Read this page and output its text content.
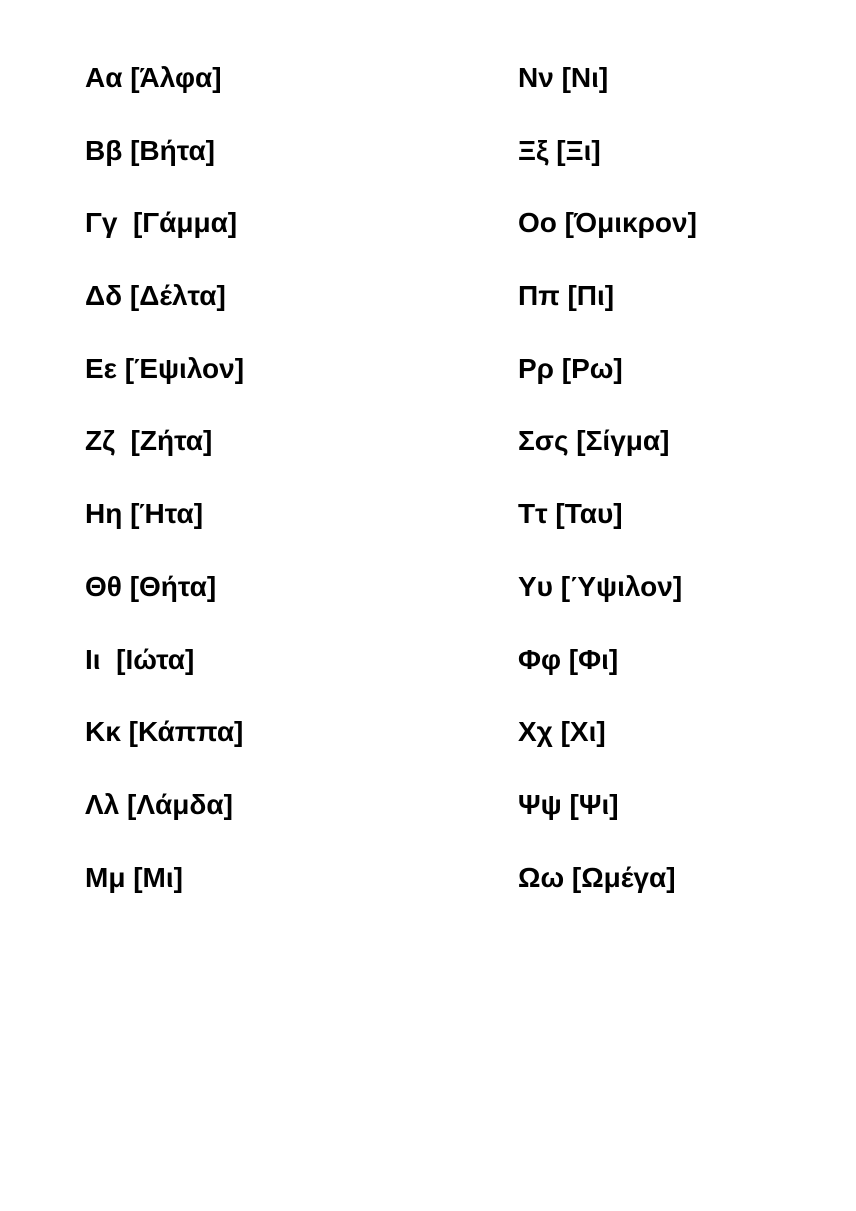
Αα [Άλφα]
Ββ [Βήτα]
Γγ  [Γάμμα]
Δδ [Δέλτα]
Εε [Έψιλον]
Ζζ  [Ζήτα]
Ηη [Ήτα]
Θθ [Θήτα]
Ιι  [Ιώτα]
Κκ [Κάππα]
Λλ [Λάμδα]
Μμ [Μι]
Νν [Νι]
Ξξ [Ξι]
Οο [Όμικρον]
Ππ [Πι]
Ρρ [Ρω]
Σσς [Σίγμα]
Ττ [Ταυ]
Υυ [Ύψιλον]
Φφ [Φι]
Χχ [Χι]
Ψψ [Ψι]
Ωω [Ωμέγα]
